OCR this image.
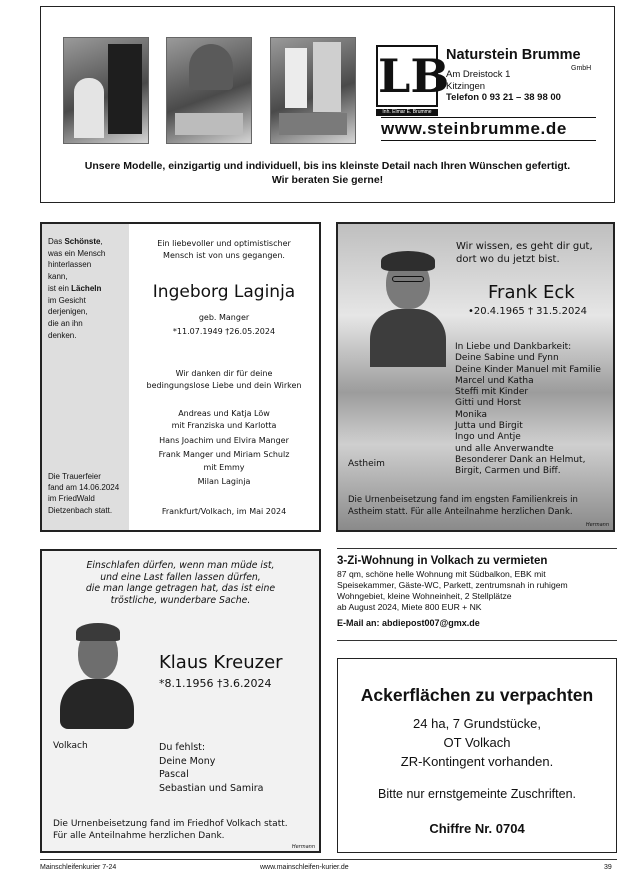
LB
Inh. Elmar E. Brumme
Naturstein Brumme
GmbH
Am Dreistock 1
Kitzingen
Telefon 0 93 21 – 38 98 00
www.steinbrumme.de
Unsere Modelle, einzigartig und individuell, bis ins kleinste Detail nach Ihren Wünschen gefertigt.
Wir beraten Sie gerne!
Das Schönste,
was ein Mensch
hinterlassen
kann,
ist ein Lächeln
im Gesicht
derjenigen,
die an ihn
denken.
Die Trauerfeier
fand am 14.06.2024
im FriedWald
Dietzenbach statt.
Ein liebevoller und optimistischer
Mensch ist von uns gegangen.
Ingeborg Laginja
geb. Manger
*11.07.1949 †26.05.2024
Wir danken dir für deine
bedingungslose Liebe und dein Wirken
Andreas und Katja Löw
mit Franziska und Karlotta
Hans Joachim und Elvira Manger
Frank Manger und Miriam Schulz
mit Emmy
Milan Laginja
Frankfurt/Volkach, im Mai 2024
Wir wissen, es geht dir gut,
dort wo du jetzt bist.
Frank Eck
•20.4.1965 † 31.5.2024
In Liebe und Dankbarkeit:
Deine Sabine und Fynn
Deine Kinder Manuel mit Familie
Marcel und Katha
Steffi mit Kinder
Gitti und Horst
Monika
Jutta und Birgit
Ingo und Antje
und alle Anverwandte
Besonderer Dank an Helmut,
Birgit, Carmen und Biff.
Astheim
Die Urnenbeisetzung fand im engsten Familienkreis in
Astheim statt. Für alle Anteilnahme herzlichen Dank.
Hermann
Einschlafen dürfen, wenn man müde ist,
und eine Last fallen lassen dürfen,
die man lange getragen hat, das ist eine
tröstliche, wunderbare Sache.
Klaus Kreuzer
*8.1.1956 †3.6.2024
Volkach	Du fehlst:
Deine Mony
Pascal
Sebastian und Samira
Die Urnenbeisetzung fand im Friedhof Volkach statt.
Für alle Anteilnahme herzlichen Dank.
Hermann
3-Zi-Wohnung in Volkach zu vermieten
87 qm, schöne helle Wohnung mit Südbalkon, EBK mit
Speisekammer, Gäste-WC, Parkett, zentrumsnah in ruhigem
Wohngebiet, kleine Wohneinheit, 2 Stellplätze
ab August 2024, Miete 800 EUR + NK
E-Mail an: abdiepost007@gmx.de
Ackerflächen zu verpachten
24 ha, 7 Grundstücke,
OT Volkach
ZR-Kontingent vorhanden.
Bitte nur ernstgemeinte Zuschriften.
Chiffre Nr. 0704
Mainschleifenkurier 7-24	www.mainschleifen-kurier.de	39
